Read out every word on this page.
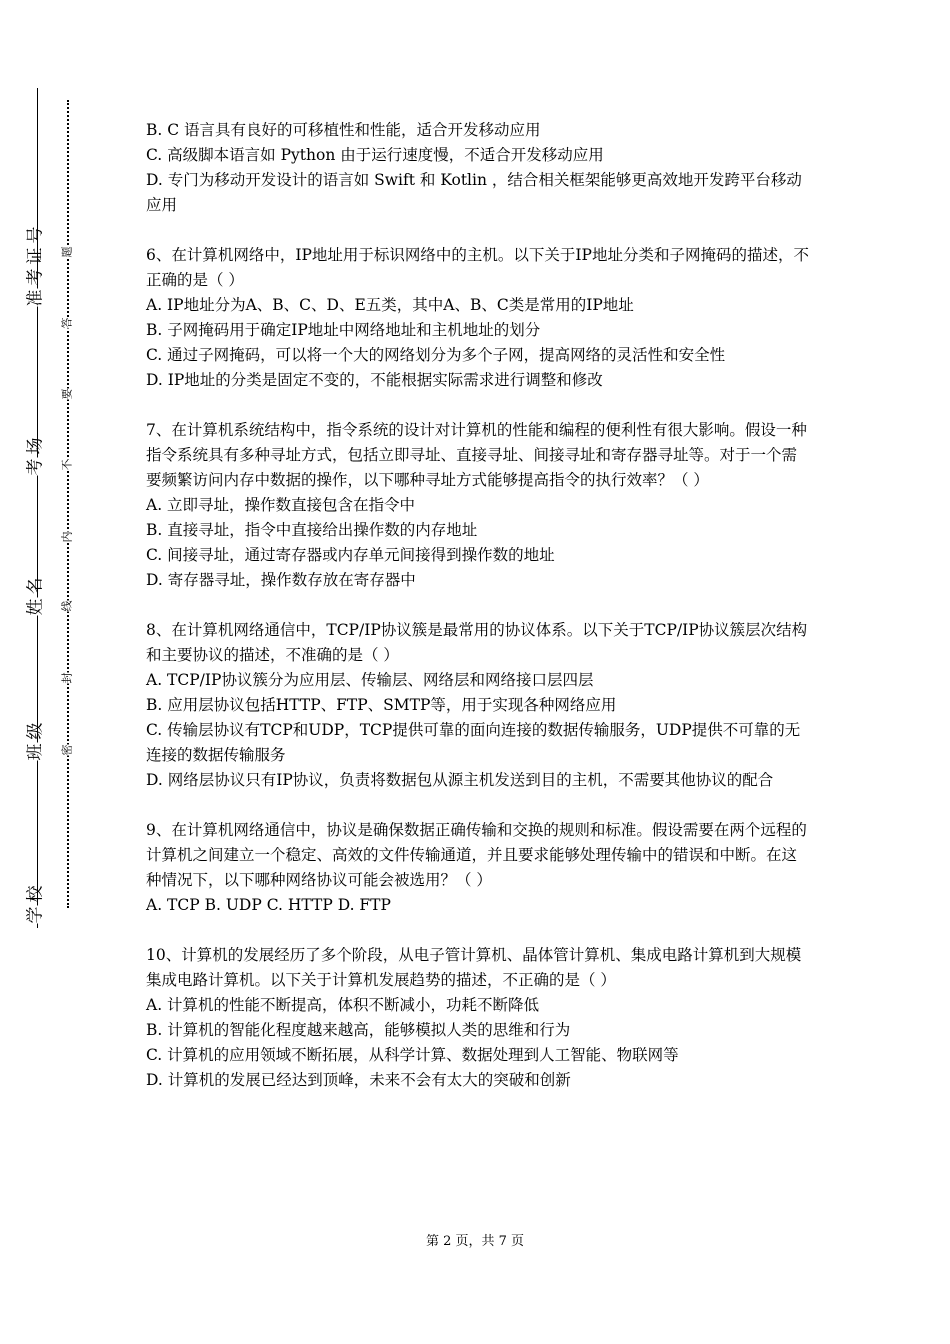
准考证号
考场
姓名
班级
学校
题
答
要
不
内
线
封
密

B. C 语言具有良好的可移植性和性能，适合开发移动应用

C. 高级脚本语言如 Python 由于运行速度慢，不适合开发移动应用

D. 专门为移动开发设计的语言如 Swift 和 Kotlin ，结合相关框架能够更高效地开发跨平台移动应用

6、在计算机网络中，IP地址用于标识网络中的主机。以下关于IP地址分类和子网掩码的描述，不正确的是（ ）

A. IP地址分为A、B、C、D、E五类，其中A、B、C类是常用的IP地址

B. 子网掩码用于确定IP地址中网络地址和主机地址的划分

C. 通过子网掩码，可以将一个大的网络划分为多个子网，提高网络的灵活性和安全性

D. IP地址的分类是固定不变的，不能根据实际需求进行调整和修改

7、在计算机系统结构中，指令系统的设计对计算机的性能和编程的便利性有很大影响。假设一种指令系统具有多种寻址方式，包括立即寻址、直接寻址、间接寻址和寄存器寻址等。对于一个需要频繁访问内存中数据的操作，以下哪种寻址方式能够提高指令的执行效率？（ ）

A. 立即寻址，操作数直接包含在指令中

B. 直接寻址，指令中直接给出操作数的内存地址

C. 间接寻址，通过寄存器或内存单元间接得到操作数的地址

D. 寄存器寻址，操作数存放在寄存器中

8、在计算机网络通信中，TCP/IP协议簇是最常用的协议体系。以下关于TCP/IP协议簇层次结构和主要协议的描述，不准确的是（ ）

A. TCP/IP协议簇分为应用层、传输层、网络层和网络接口层四层

B. 应用层协议包括HTTP、FTP、SMTP等，用于实现各种网络应用

C. 传输层协议有TCP和UDP，TCP提供可靠的面向连接的数据传输服务，UDP提供不可靠的无连接的数据传输服务

D. 网络层协议只有IP协议，负责将数据包从源主机发送到目的主机，不需要其他协议的配合

9、在计算机网络通信中，协议是确保数据正确传输和交换的规则和标准。假设需要在两个远程的计算机之间建立一个稳定、高效的文件传输通道，并且要求能够处理传输中的错误和中断。在这种情况下，以下哪种网络协议可能会被选用？（ ）

A. TCP B. UDP C. HTTP D. FTP

10、计算机的发展经历了多个阶段，从电子管计算机、晶体管计算机、集成电路计算机到大规模集成电路计算机。以下关于计算机发展趋势的描述，不正确的是（ ）

A. 计算机的性能不断提高，体积不断减小，功耗不断降低

B. 计算机的智能化程度越来越高，能够模拟人类的思维和行为

C. 计算机的应用领域不断拓展，从科学计算、数据处理到人工智能、物联网等

D. 计算机的发展已经达到顶峰，未来不会有太大的突破和创新

第 2 页，共 7 页
